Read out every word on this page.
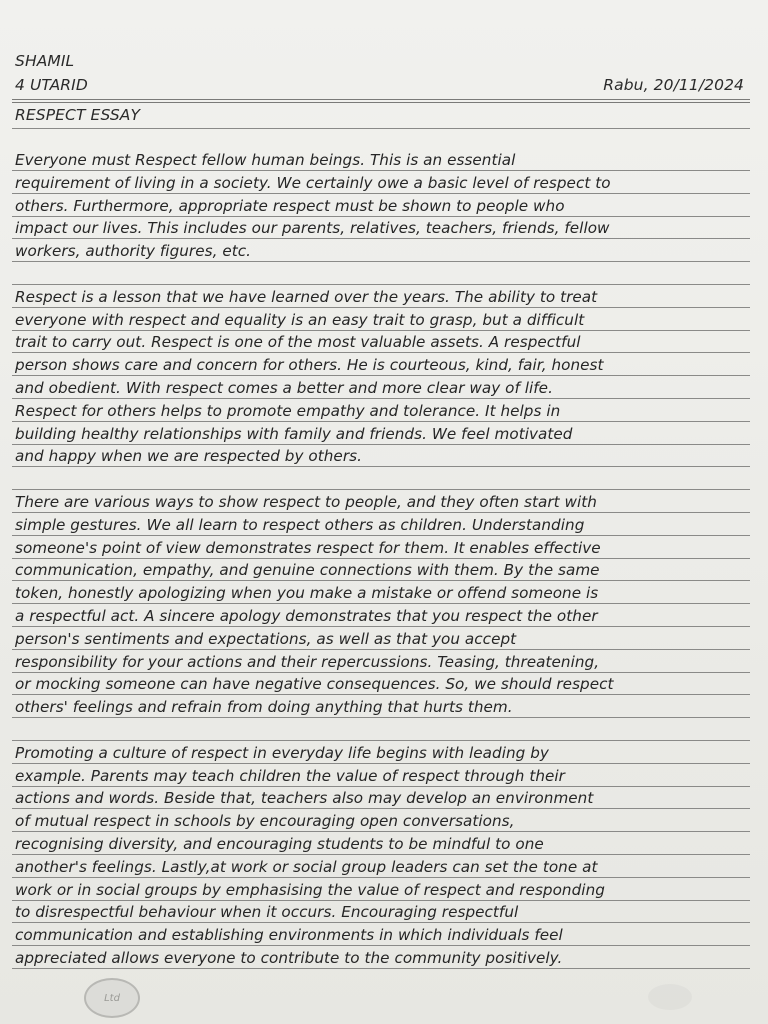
SHAMIL
4 UTARID	Rabu, 20/11/2024
RESPECT ESSAY
Everyone must Respect fellow human beings. This is an essential
requirement of living in a society. We certainly owe a basic level of respect to
others. Furthermore, appropriate respect must be shown to people who
impact our lives. This includes our parents, relatives, teachers, friends, fellow
workers, authority figures, etc.
Respect is a lesson that we have learned over the years. The ability to treat
everyone with respect and equality is an easy trait to grasp, but a difficult
trait to carry out. Respect is one of the most valuable assets. A respectful
person shows care and concern for others. He is courteous, kind, fair, honest
and obedient. With respect comes a better and more clear way of life.
Respect for others helps to promote empathy and tolerance. It helps in
building healthy relationships with family and friends. We feel motivated
and happy when we are respected by others.
There are various ways to show respect to people, and they often start with
simple gestures. We all learn to respect others as children. Understanding
someone's point of view demonstrates respect for them. It enables effective
communication, empathy, and genuine connections with them. By the same
token, honestly apologizing when you make a mistake or offend someone is
a respectful act. A sincere apology demonstrates that you respect the other
person's sentiments and expectations, as well as that you accept
responsibility for your actions and their repercussions. Teasing, threatening,
or mocking someone can have negative consequences. So, we should respect
others' feelings and refrain from doing anything that hurts them.
Promoting a culture of respect in everyday life begins with leading by
example. Parents may teach children the value of respect through their
actions and words. Beside that, teachers also may develop an environment
of mutual respect in schools by encouraging open conversations,
recognising diversity, and encouraging students to be mindful to one
another's feelings. Lastly,at work or social group leaders can set the tone at
work or in social groups by emphasising the value of respect and responding
to disrespectful behaviour when it occurs. Encouraging respectful
communication and establishing environments in which individuals feel
appreciated allows everyone to contribute to the community positively.
Ltd
